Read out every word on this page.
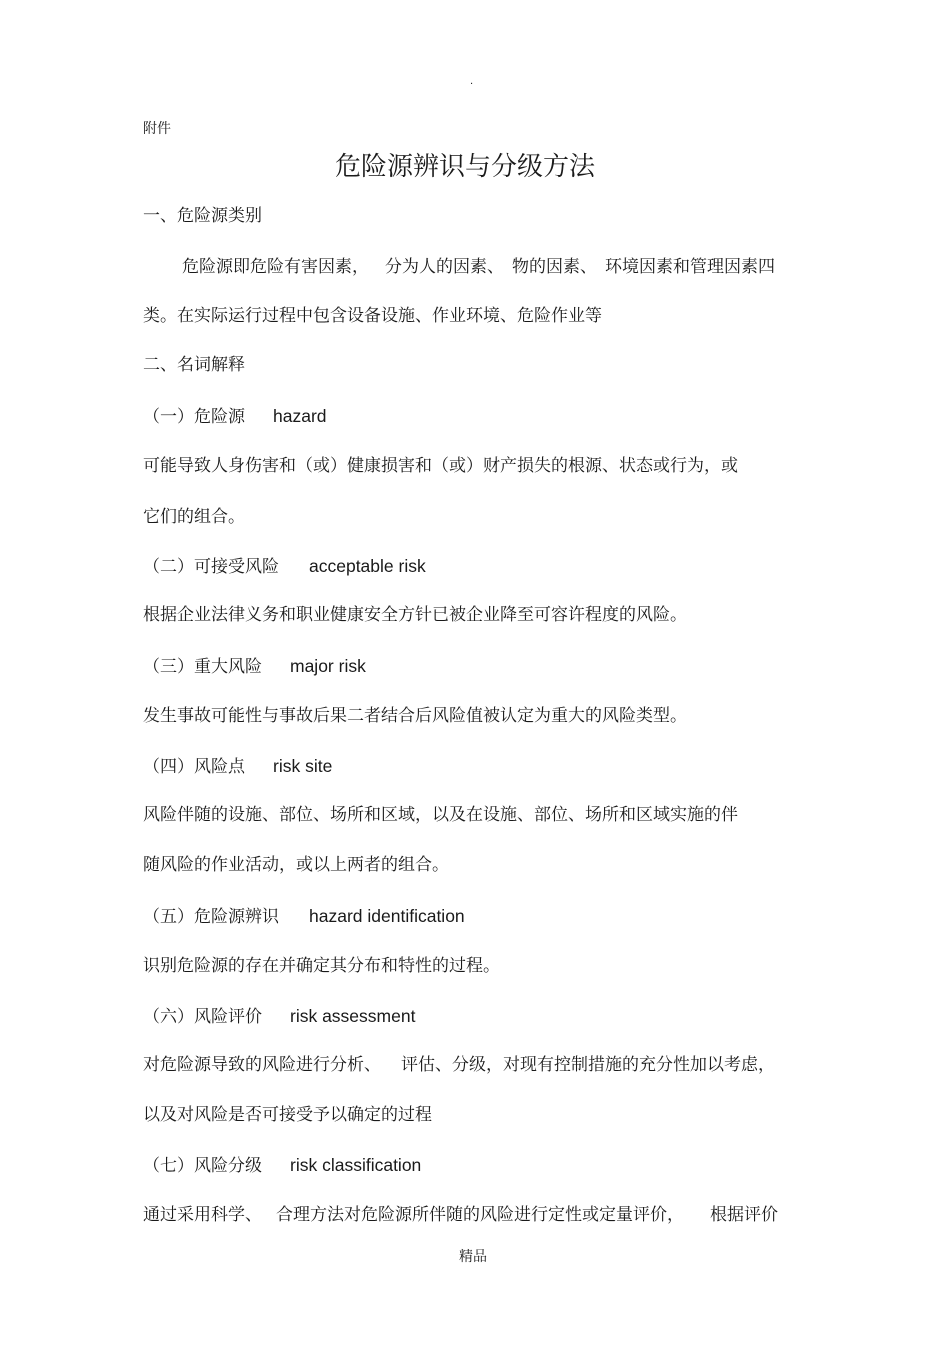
.
附件
危险源辨识与分级方法
一、危险源类别
危险源即危险有害因素， 分为人的因素、 物的因素、 环境因素和管理因素四
类。在实际运行过程中包含设备设施、作业环境、危险作业等
二、名词解释
（一）危险源 hazard
可能导致人身伤害和（或）健康损害和（或）财产损失的根源、状态或行为，或
它们的组合。
（二）可接受风险 acceptable risk
根据企业法律义务和职业健康安全方针已被企业降至可容许程度的风险。
（三）重大风险 major risk
发生事故可能性与事故后果二者结合后风险值被认定为重大的风险类型。
（四）风险点 risk site
风险伴随的设施、部位、场所和区域，以及在设施、部位、场所和区域实施的伴
随风险的作业活动，或以上两者的组合。
（五）危险源辨识 hazard identification
识别危险源的存在并确定其分布和特性的过程。
（六）风险评价 risk assessment
对危险源导致的风险进行分析、 评估、分级，对现有控制措施的充分性加以考虑，
以及对风险是否可接受予以确定的过程
（七）风险分级 risk classification
通过采用科学、 合理方法对危险源所伴随的风险进行定性或定量评价， 根据评价
精品
